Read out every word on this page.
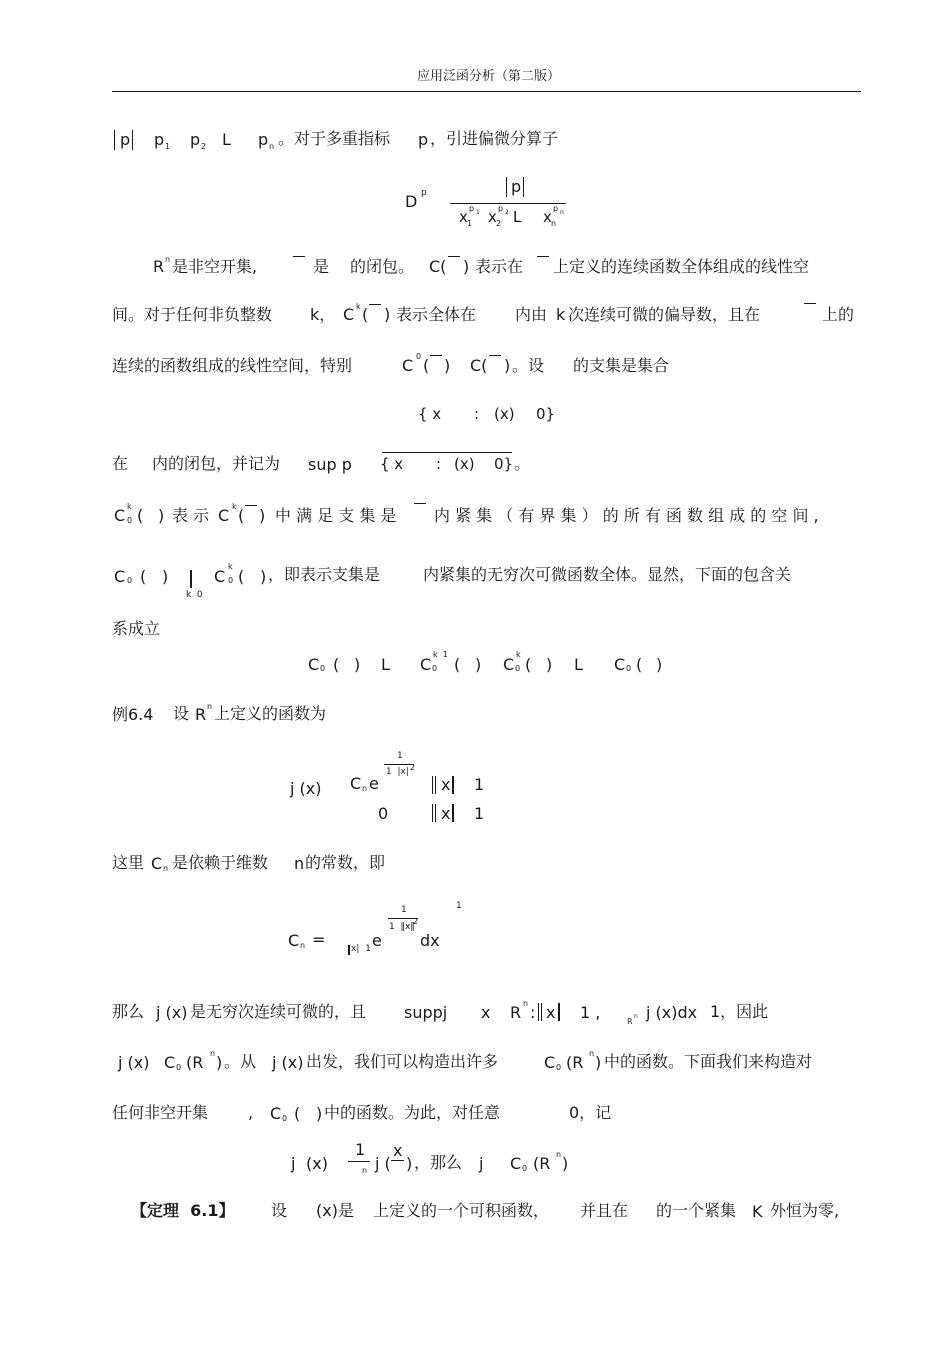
应用泛函分析（第二版）
p p 1 p 2 L p n 。对于多重指标 p ，引进偏微分算子
D p	p
x 1
p 1 x 2
p 2 L x n
p n
R n 是非空开集,	是 的闭包。 C( ) 表示在 上定义的连续函数全体组成的线性空
间。对于任何非负整数 k， C k ( ) 表示全体在 内由 k 次连续可微的偏导数，且在	上的
连续的函数组成的线性空间，特别	C 0 ( ) C( ) 。设 的支集是集合
{ x : (x) 0}
在 内的闭包，并记为 sup p { x : (x) 0} 。
C k
0 ( ) 表 示 C k ( ) 中 满 足 支 集 是 内 紧 集 （ 有 界 集 ） 的 所 有 函 数 组 成 的 空 间 ,
C 0 ( )
k  0
C
k
0 ( ) ，即表示支集是	内紧集的无穷次可微函数全体。显然，下面的包含关
系成立
C 0 ( ) L C 0
k  1
( ) C 0
k
( ) L C 0 ( )
例6.4 设 R n 上定义的函数为
j (x) C n e
1
1  |x| 2
‖ x ‖ 1
0	‖ x ‖ 1
这里 C n 是依赖于维数 n 的常数，即
C n =	x|  1 e
1
1  ‖x‖
2
dx
1
那么 j (x) 是无穷次连续可微的，且 suppj x R n : ‖ x ‖ 1 ,	R
n j (x)dx 1，因此
j (x) C 0 (R n ) 。从 j (x) 出发，我们可以构造出许多	C 0 (R n ) 中的函数。下面我们来构造对
任何非空开集 , C 0 ( ) 中的函数。为此，对任意	0，记
j (x)
1
n j (
x
) ，那么 j C 0 (R n )
【定理  6.1】 设 (x)是 上定义的一个可积函数， 并且在 的一个紧集 K 外恒为零,
